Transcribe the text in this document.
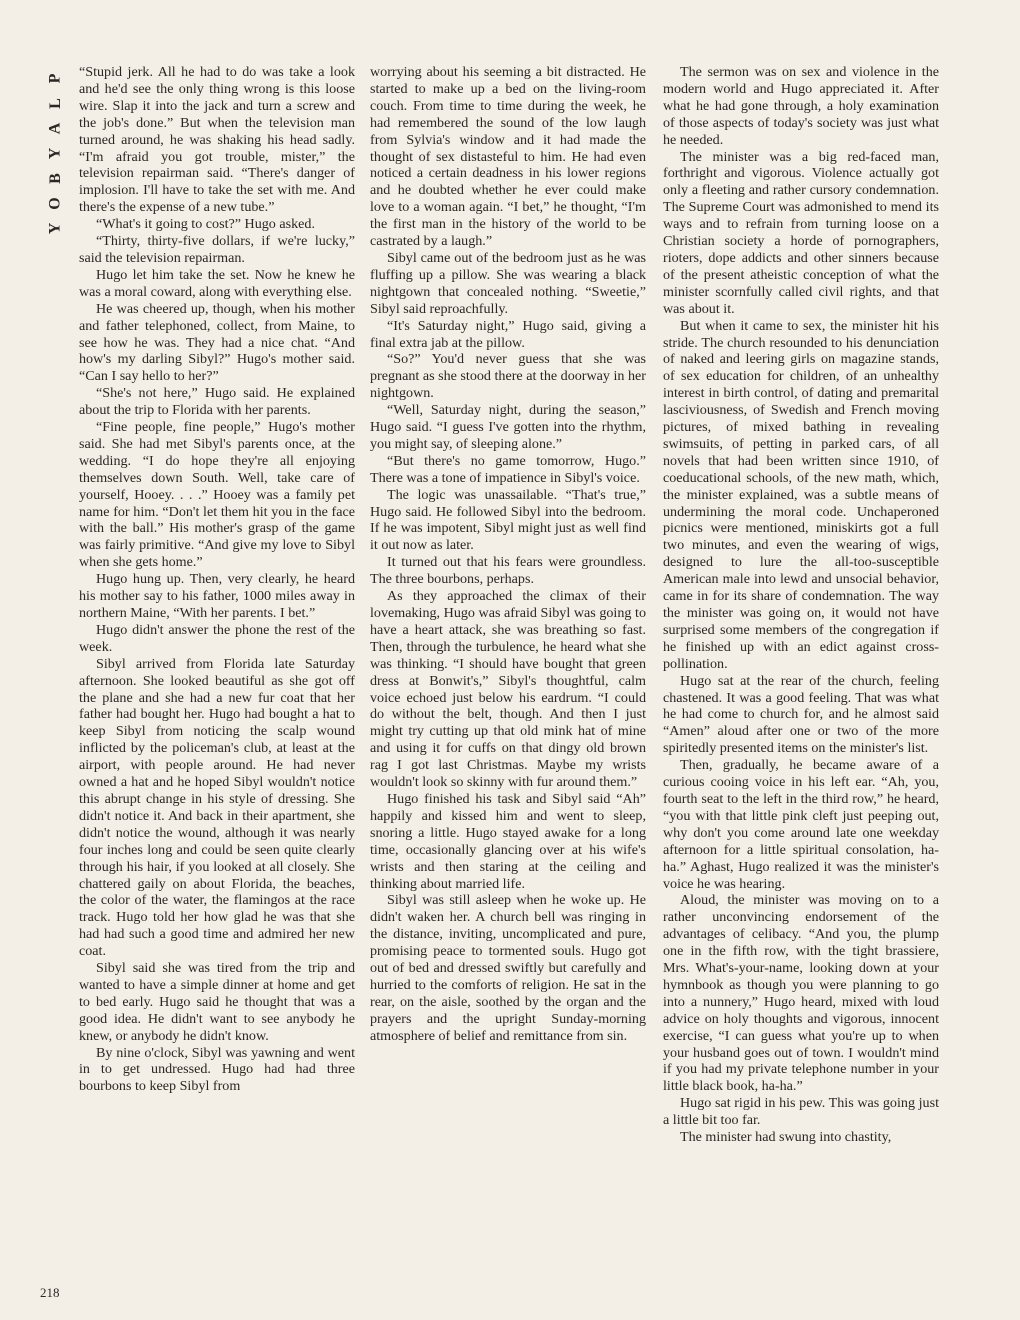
P
L
A
Y
B
O
Y

“Stupid jerk. All he had to do was take a look and he'd see the only thing wrong is this loose wire. Slap it into the jack and turn a screw and the job's done.” But when the television man turned around, he was shaking his head sadly. “I'm afraid you got trouble, mister,” the television repairman said. “There's danger of implosion. I'll have to take the set with me. And there's the expense of a new tube.”

“What's it going to cost?” Hugo asked.

“Thirty, thirty-five dollars, if we're lucky,” said the television repairman.

Hugo let him take the set. Now he knew he was a moral coward, along with everything else.

He was cheered up, though, when his mother and father telephoned, collect, from Maine, to see how he was. They had a nice chat. “And how's my darling Sibyl?” Hugo's mother said. “Can I say hello to her?”

“She's not here,” Hugo said. He explained about the trip to Florida with her parents.

“Fine people, fine people,” Hugo's mother said. She had met Sibyl's parents once, at the wedding. “I do hope they're all enjoying themselves down South. Well, take care of yourself, Hooey. . . .” Hooey was a family pet name for him. “Don't let them hit you in the face with the ball.” His mother's grasp of the game was fairly primitive. “And give my love to Sibyl when she gets home.”

Hugo hung up. Then, very clearly, he heard his mother say to his father, 1000 miles away in northern Maine, “With her parents. I bet.”

Hugo didn't answer the phone the rest of the week.

Sibyl arrived from Florida late Saturday afternoon. She looked beautiful as she got off the plane and she had a new fur coat that her father had bought her. Hugo had bought a hat to keep Sibyl from noticing the scalp wound inflicted by the policeman's club, at least at the airport, with people around. He had never owned a hat and he hoped Sibyl wouldn't notice this abrupt change in his style of dressing. She didn't notice it. And back in their apartment, she didn't notice the wound, although it was nearly four inches long and could be seen quite clearly through his hair, if you looked at all closely. She chattered gaily on about Florida, the beaches, the color of the water, the flamingos at the race track. Hugo told her how glad he was that she had had such a good time and admired her new coat.

Sibyl said she was tired from the trip and wanted to have a simple dinner at home and get to bed early. Hugo said he thought that was a good idea. He didn't want to see anybody he knew, or anybody he didn't know.

By nine o'clock, Sibyl was yawning and went in to get undressed. Hugo had had three bourbons to keep Sibyl from

worrying about his seeming a bit distracted. He started to make up a bed on the living-room couch. From time to time during the week, he had remembered the sound of the low laugh from Sylvia's window and it had made the thought of sex distasteful to him. He had even noticed a certain deadness in his lower regions and he doubted whether he ever could make love to a woman again. “I bet,” he thought, “I'm the first man in the history of the world to be castrated by a laugh.”

Sibyl came out of the bedroom just as he was fluffing up a pillow. She was wearing a black nightgown that concealed nothing. “Sweetie,” Sibyl said reproachfully.

“It's Saturday night,” Hugo said, giving a final extra jab at the pillow.

“So?” You'd never guess that she was pregnant as she stood there at the doorway in her nightgown.

“Well, Saturday night, during the season,” Hugo said. “I guess I've gotten into the rhythm, you might say, of sleeping alone.”

“But there's no game tomorrow, Hugo.” There was a tone of impatience in Sibyl's voice.

The logic was unassailable. “That's true,” Hugo said. He followed Sibyl into the bedroom. If he was impotent, Sibyl might just as well find it out now as later.

It turned out that his fears were groundless. The three bourbons, perhaps.

As they approached the climax of their lovemaking, Hugo was afraid Sibyl was going to have a heart attack, she was breathing so fast. Then, through the turbulence, he heard what she was thinking. “I should have bought that green dress at Bonwit's,” Sibyl's thoughtful, calm voice echoed just below his eardrum. “I could do without the belt, though. And then I just might try cutting up that old mink hat of mine and using it for cuffs on that dingy old brown rag I got last Christmas. Maybe my wrists wouldn't look so skinny with fur around them.”

Hugo finished his task and Sibyl said “Ah” happily and kissed him and went to sleep, snoring a little. Hugo stayed awake for a long time, occasionally glancing over at his wife's wrists and then staring at the ceiling and thinking about married life.

Sibyl was still asleep when he woke up. He didn't waken her. A church bell was ringing in the distance, inviting, uncomplicated and pure, promising peace to tormented souls. Hugo got out of bed and dressed swiftly but carefully and hurried to the comforts of religion. He sat in the rear, on the aisle, soothed by the organ and the prayers and the upright Sunday-morning atmosphere of belief and remittance from sin.

The sermon was on sex and violence in the modern world and Hugo appreciated it. After what he had gone through, a holy examination of those aspects of today's society was just what he needed.

The minister was a big red-faced man, forthright and vigorous. Violence actually got only a fleeting and rather cursory condemnation. The Supreme Court was admonished to mend its ways and to refrain from turning loose on a Christian society a horde of pornographers, rioters, dope addicts and other sinners because of the present atheistic conception of what the minister scornfully called civil rights, and that was about it.

But when it came to sex, the minister hit his stride. The church resounded to his denunciation of naked and leering girls on magazine stands, of sex education for children, of an unhealthy interest in birth control, of dating and premarital lasciviousness, of Swedish and French moving pictures, of mixed bathing in revealing swimsuits, of petting in parked cars, of all novels that had been written since 1910, of coeducational schools, of the new math, which, the minister explained, was a subtle means of undermining the moral code. Unchaperoned picnics were mentioned, miniskirts got a full two minutes, and even the wearing of wigs, designed to lure the all-too-susceptible American male into lewd and unsocial behavior, came in for its share of condemnation. The way the minister was going on, it would not have surprised some members of the congregation if he finished up with an edict against cross-pollination.

Hugo sat at the rear of the church, feeling chastened. It was a good feeling. That was what he had come to church for, and he almost said “Amen” aloud after one or two of the more spiritedly presented items on the minister's list.

Then, gradually, he became aware of a curious cooing voice in his left ear. “Ah, you, fourth seat to the left in the third row,” he heard, “you with that little pink cleft just peeping out, why don't you come around late one weekday afternoon for a little spiritual consolation, ha-ha.” Aghast, Hugo realized it was the minister's voice he was hearing.

Aloud, the minister was moving on to a rather unconvincing endorsement of the advantages of celibacy. “And you, the plump one in the fifth row, with the tight brassiere, Mrs. What's-your-name, looking down at your hymnbook as though you were planning to go into a nunnery,” Hugo heard, mixed with loud advice on holy thoughts and vigorous, innocent exercise, “I can guess what you're up to when your husband goes out of town. I wouldn't mind if you had my private telephone number in your little black book, ha-ha.”

Hugo sat rigid in his pew. This was going just a little bit too far.

The minister had swung into chastity,

218
